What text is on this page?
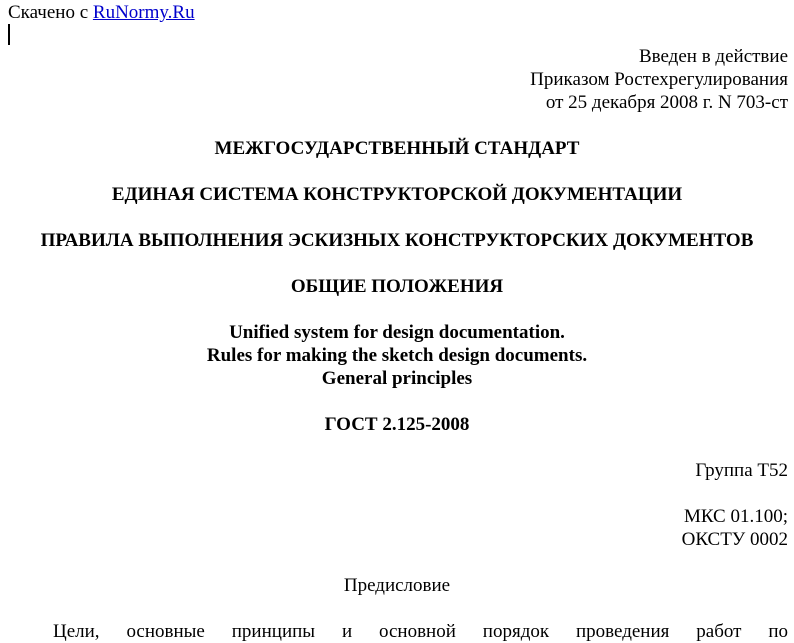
Скачено с RuNormy.Ru
Введен в действие
Приказом Ростехрегулирования
от 25 декабря 2008 г. N 703-ст
МЕЖГОСУДАРСТВЕННЫЙ СТАНДАРТ
ЕДИНАЯ СИСТЕМА КОНСТРУКТОРСКОЙ ДОКУМЕНТАЦИИ
ПРАВИЛА ВЫПОЛНЕНИЯ ЭСКИЗНЫХ КОНСТРУКТОРСКИХ ДОКУМЕНТОВ
ОБЩИЕ ПОЛОЖЕНИЯ
Unified system for design documentation.
Rules for making the sketch design documents.
General principles
ГОСТ 2.125-2008
Группа Т52
МКС 01.100;
ОКСТУ 0002
Предисловие
Цели, основные принципы и основной порядок проведения работ по
